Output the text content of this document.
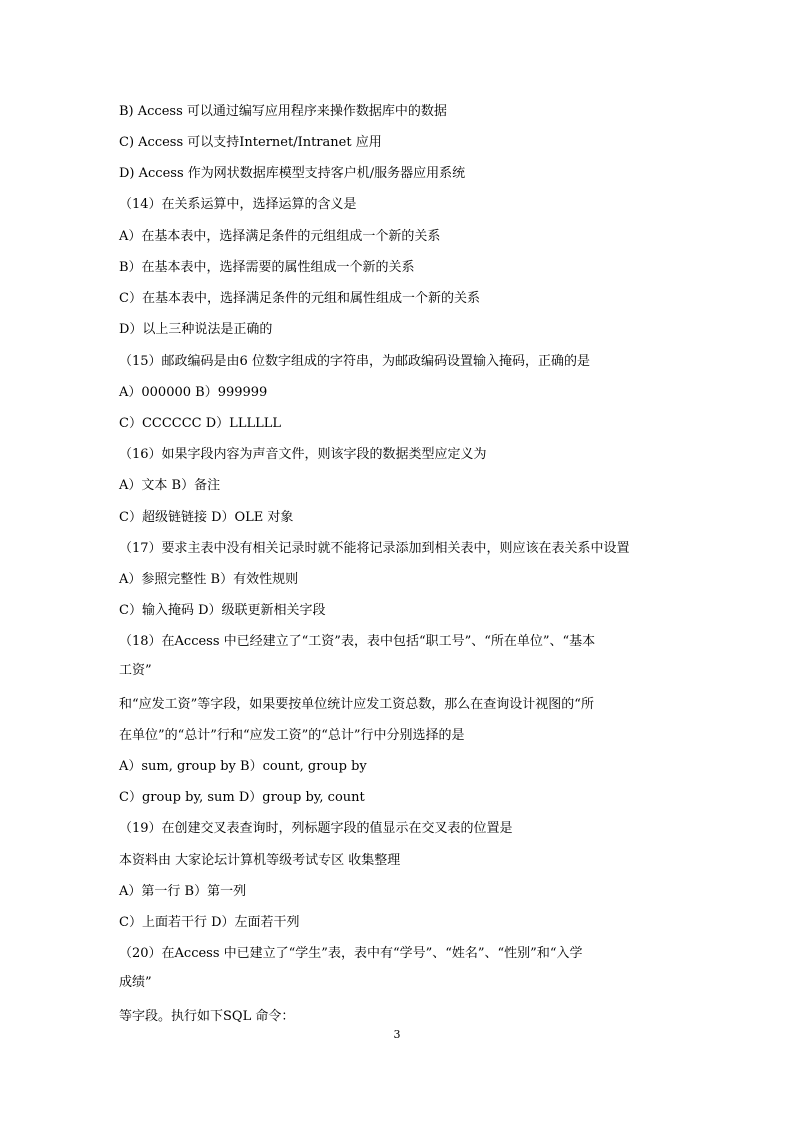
B) Access 可以通过编写应用程序来操作数据库中的数据
C) Access 可以支持Internet/Intranet 应用
D) Access 作为网状数据库模型支持客户机/服务器应用系统
（14）在关系运算中，选择运算的含义是
A）在基本表中，选择满足条件的元组组成一个新的关系
B）在基本表中，选择需要的属性组成一个新的关系
C）在基本表中，选择满足条件的元组和属性组成一个新的关系
D）以上三种说法是正确的
（15）邮政编码是由6 位数字组成的字符串，为邮政编码设置输入掩码，正确的是
A）000000 B）999999
C）CCCCCC D）LLLLLL
（16）如果字段内容为声音文件，则该字段的数据类型应定义为
A）文本 B）备注
C）超级链链接 D）OLE 对象
（17）要求主表中没有相关记录时就不能将记录添加到相关表中，则应该在表关系中设置
A）参照完整性 B）有效性规则
C）输入掩码 D）级联更新相关字段
（18）在Access 中已经建立了“工资”表，表中包括“职工号”、“所在单位”、“基本
工资”
和“应发工资”等字段，如果要按单位统计应发工资总数，那么在查询设计视图的“所
在单位”的“总计”行和“应发工资”的“总计”行中分别选择的是
A）sum, group by B）count, group by
C）group by, sum D）group by, count
（19）在创建交叉表查询时，列标题字段的值显示在交叉表的位置是
本资料由 大家论坛计算机等级考试专区 收集整理
A）第一行 B）第一列
C）上面若干行 D）左面若干列
（20）在Access 中已建立了“学生”表，表中有“学号”、“姓名”、“性别”和“入学
成绩”
等字段。执行如下SQL 命令：
3
